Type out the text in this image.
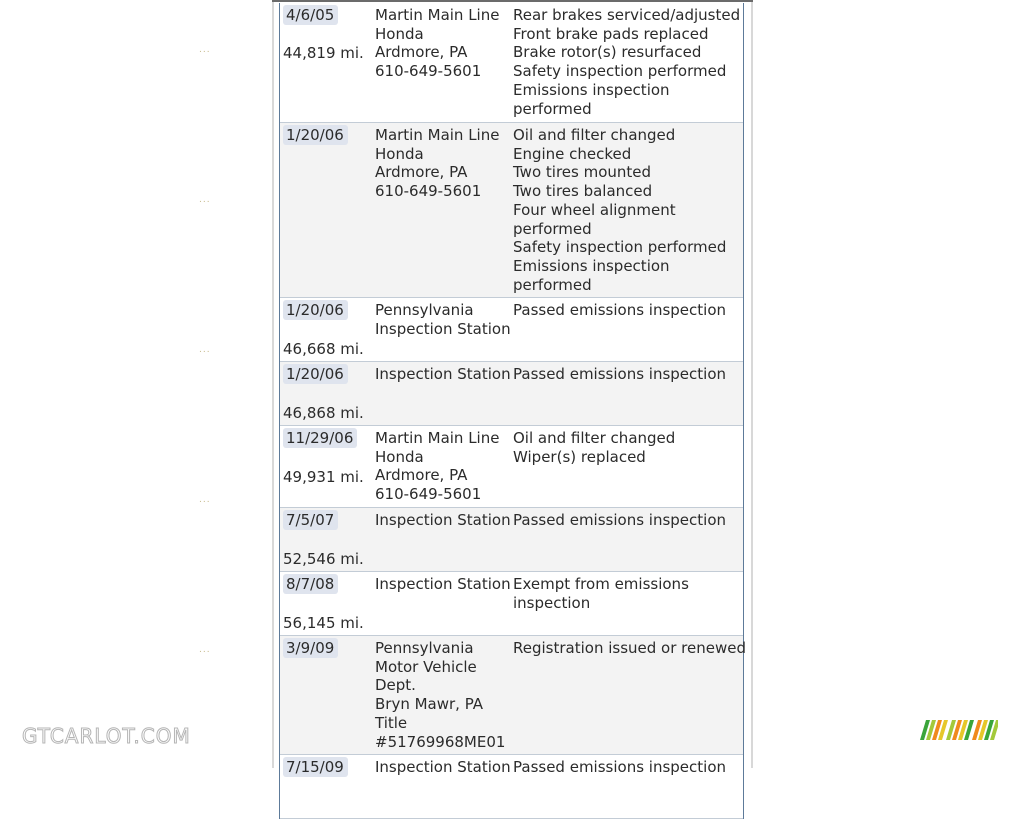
...
...
...
...
...
4/6/05
44,819 mi.
Martin Main Line
Honda
Ardmore, PA
610-649-5601
Rear brakes serviced/adjusted
Front brake pads replaced
Brake rotor(s) resurfaced
Safety inspection performed
Emissions inspection
performed
1/20/06 Martin Main Line
Honda
Ardmore, PA
610-649-5601
Oil and filter changed
Engine checked
Two tires mounted
Two tires balanced
Four wheel alignment
performed
Safety inspection performed
Emissions inspection
performed
1/20/06
46,668 mi.
Pennsylvania
Inspection Station
Passed emissions inspection
1/20/06
46,868 mi.
Inspection Station Passed emissions inspection
11/29/06
49,931 mi.
Martin Main Line
Honda
Ardmore, PA
610-649-5601
Oil and filter changed
Wiper(s) replaced
7/5/07
52,546 mi.
Inspection Station Passed emissions inspection
8/7/08
56,145 mi.
Inspection Station Exempt from emissions
inspection
3/9/09	Pennsylvania
Motor Vehicle
Dept.
Bryn Mawr, PA
Title
#51769968ME01
Registration issued or renewed
7/15/09 Inspection Station Passed emissions inspection
GTCARLOT.COM
